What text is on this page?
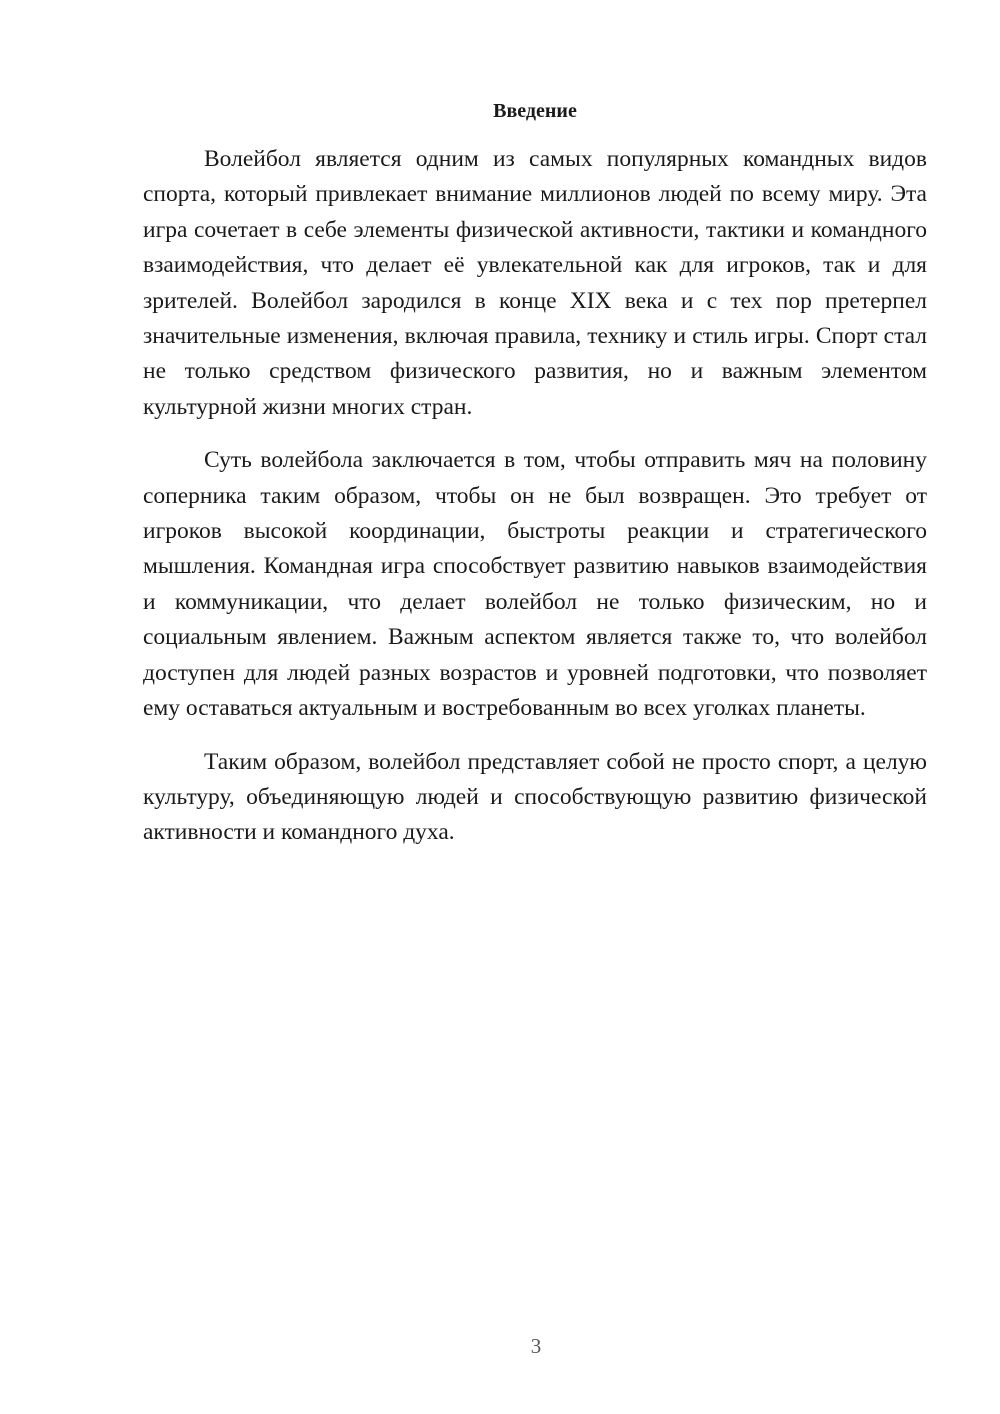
Введение

Волейбол является одним из самых популярных командных видов спорта, который привлекает внимание миллионов людей по всему миру. Эта игра сочетает в себе элементы физической активности, тактики и командного взаимодействия, что делает её увлекательной как для игроков, так и для зрителей. Волейбол зародился в конце XIX века и с тех пор претерпел значительные изменения, включая правила, технику и стиль игры. Спорт стал не только средством физического развития, но и важным элементом культурной жизни многих стран.

Суть волейбола заключается в том, чтобы отправить мяч на половину соперника таким образом, чтобы он не был возвращен. Это требует от игроков высокой координации, быстроты реакции и стратегического мышления. Командная игра способствует развитию навыков взаимодействия и коммуникации, что делает волейбол не только физическим, но и социальным явлением. Важным аспектом является также то, что волейбол доступен для людей разных возрастов и уровней подготовки, что позволяет ему оставаться актуальным и востребованным во всех уголках планеты.

Таким образом, волейбол представляет собой не просто спорт, а целую культуру, объединяющую людей и способствующую развитию физической активности и командного духа.

3
